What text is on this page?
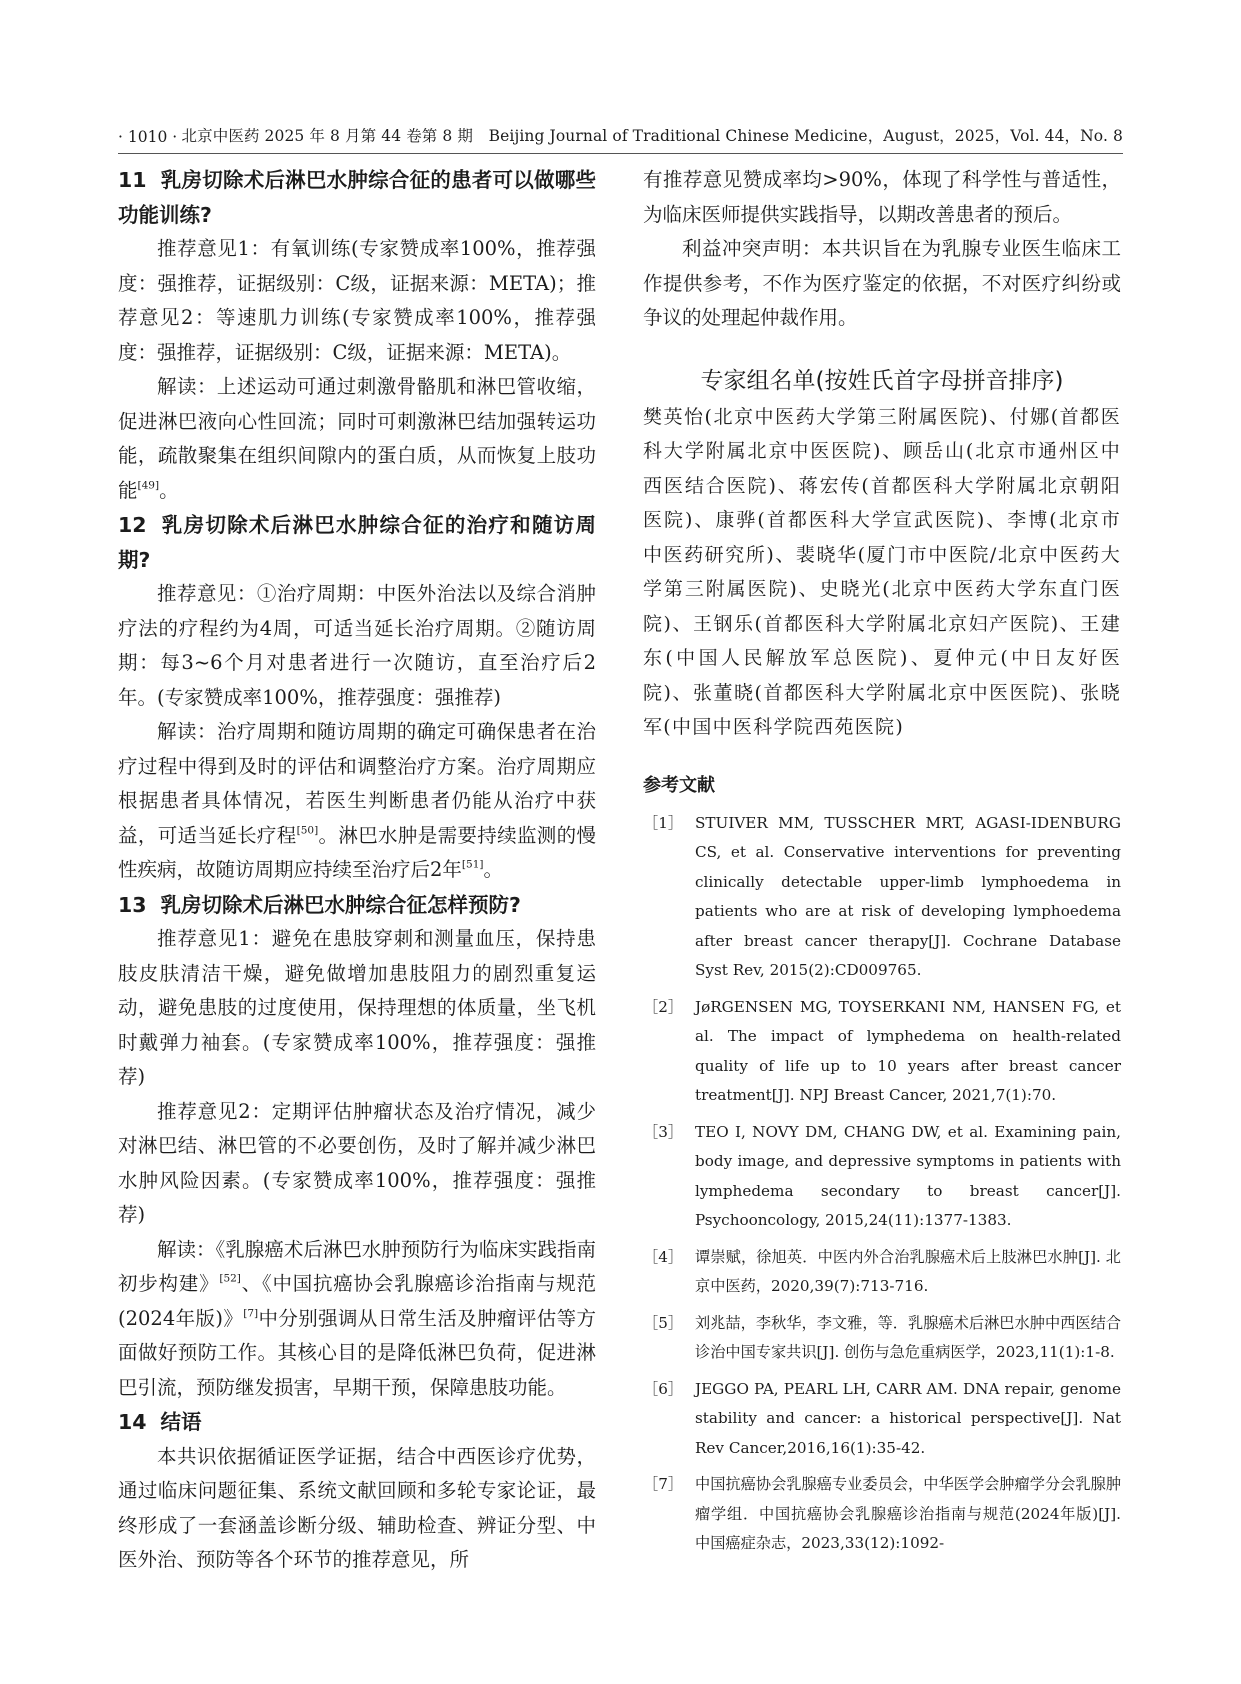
· 1010 · 北京中医药 2025 年 8 月第 44 卷第 8 期　Beijing Journal of Traditional Chinese Medicine，August，2025，Vol. 44，No. 8
11 乳房切除术后淋巴水肿综合征的患者可以做哪些功能训练?

推荐意见1：有氧训练(专家赞成率100%，推荐强度：强推荐，证据级别：C级，证据来源：META)；推荐意见2：等速肌力训练(专家赞成率100%，推荐强度：强推荐，证据级别：C级，证据来源：META)。

解读：上述运动可通过刺激骨骼肌和淋巴管收缩，促进淋巴液向心性回流；同时可刺激淋巴结加强转运功能，疏散聚集在组织间隙内的蛋白质，从而恢复上肢功能[49]。

12 乳房切除术后淋巴水肿综合征的治疗和随访周期?

推荐意见：①治疗周期：中医外治法以及综合消肿疗法的疗程约为4周，可适当延长治疗周期。②随访周期：每3~6个月对患者进行一次随访，直至治疗后2年。(专家赞成率100%，推荐强度：强推荐)

解读：治疗周期和随访周期的确定可确保患者在治疗过程中得到及时的评估和调整治疗方案。治疗周期应根据患者具体情况，若医生判断患者仍能从治疗中获益，可适当延长疗程[50]。淋巴水肿是需要持续监测的慢性疾病，故随访周期应持续至治疗后2年[51]。

13 乳房切除术后淋巴水肿综合征怎样预防?

推荐意见1：避免在患肢穿刺和测量血压，保持患肢皮肤清洁干燥，避免做增加患肢阻力的剧烈重复运动，避免患肢的过度使用，保持理想的体质量，坐飞机时戴弹力袖套。(专家赞成率100%，推荐强度：强推荐)

推荐意见2：定期评估肿瘤状态及治疗情况，减少对淋巴结、淋巴管的不必要创伤，及时了解并减少淋巴水肿风险因素。(专家赞成率100%，推荐强度：强推荐)

解读：《乳腺癌术后淋巴水肿预防行为临床实践指南初步构建》[52]、《中国抗癌协会乳腺癌诊治指南与规范(2024年版)》[7]中分别强调从日常生活及肿瘤评估等方面做好预防工作。其核心目的是降低淋巴负荷，促进淋巴引流，预防继发损害，早期干预，保障患肢功能。

14 结语

本共识依据循证医学证据，结合中西医诊疗优势，通过临床问题征集、系统文献回顾和多轮专家论证，最终形成了一套涵盖诊断分级、辅助检查、辨证分型、中医外治、预防等各个环节的推荐意见，所

有推荐意见赞成率均>90%，体现了科学性与普适性，为临床医师提供实践指导，以期改善患者的预后。

利益冲突声明：本共识旨在为乳腺专业医生临床工作提供参考，不作为医疗鉴定的依据，不对医疗纠纷或争议的处理起仲裁作用。

专家组名单(按姓氏首字母拼音排序)

樊英怡(北京中医药大学第三附属医院)、付娜(首都医科大学附属北京中医医院)、顾岳山(北京市通州区中西医结合医院)、蒋宏传(首都医科大学附属北京朝阳医院)、康骅(首都医科大学宣武医院)、李博(北京市中医药研究所)、裴晓华(厦门市中医院/北京中医药大学第三附属医院)、史晓光(北京中医药大学东直门医院)、王钢乐(首都医科大学附属北京妇产医院)、王建东(中国人民解放军总医院)、夏仲元(中日友好医院)、张董晓(首都医科大学附属北京中医医院)、张晓军(中国中医科学院西苑医院)

参考文献
［1］ STUIVER MM, TUSSCHER MRT, AGASI-IDENBURG CS, et al. Conservative interventions for preventing clinically detectable upper-limb lymphoedema in patients who are at risk of developing lymphoedema after breast cancer therapy[J]. Cochrane Database Syst Rev, 2015(2):CD009765.
［2］ JøRGENSEN MG, TOYSERKANI NM, HANSEN FG, et al. The impact of lymphedema on health-related quality of life up to 10 years after breast cancer treatment[J]. NPJ Breast Cancer, 2021,7(1):70.
［3］ TEO I, NOVY DM, CHANG DW, et al. Examining pain, body image, and depressive symptoms in patients with lymphedema secondary to breast cancer[J]. Psychooncology, 2015,24(11):1377-1383.
［4］ 谭崇赋，徐旭英．中医内外合治乳腺癌术后上肢淋巴水肿[J]. 北京中医药，2020,39(7):713-716.
［5］ 刘兆喆，李秋华，李文雅，等．乳腺癌术后淋巴水肿中西医结合诊治中国专家共识[J]. 创伤与急危重病医学，2023,11(1):1-8.
［6］ JEGGO PA, PEARL LH, CARR AM. DNA repair, genome stability and cancer: a historical perspective[J]. Nat Rev Cancer,2016,16(1):35-42.
［7］ 中国抗癌协会乳腺癌专业委员会，中华医学会肿瘤学分会乳腺肿瘤学组．中国抗癌协会乳腺癌诊治指南与规范(2024年版)[J]. 中国癌症杂志，2023,33(12):1092-
